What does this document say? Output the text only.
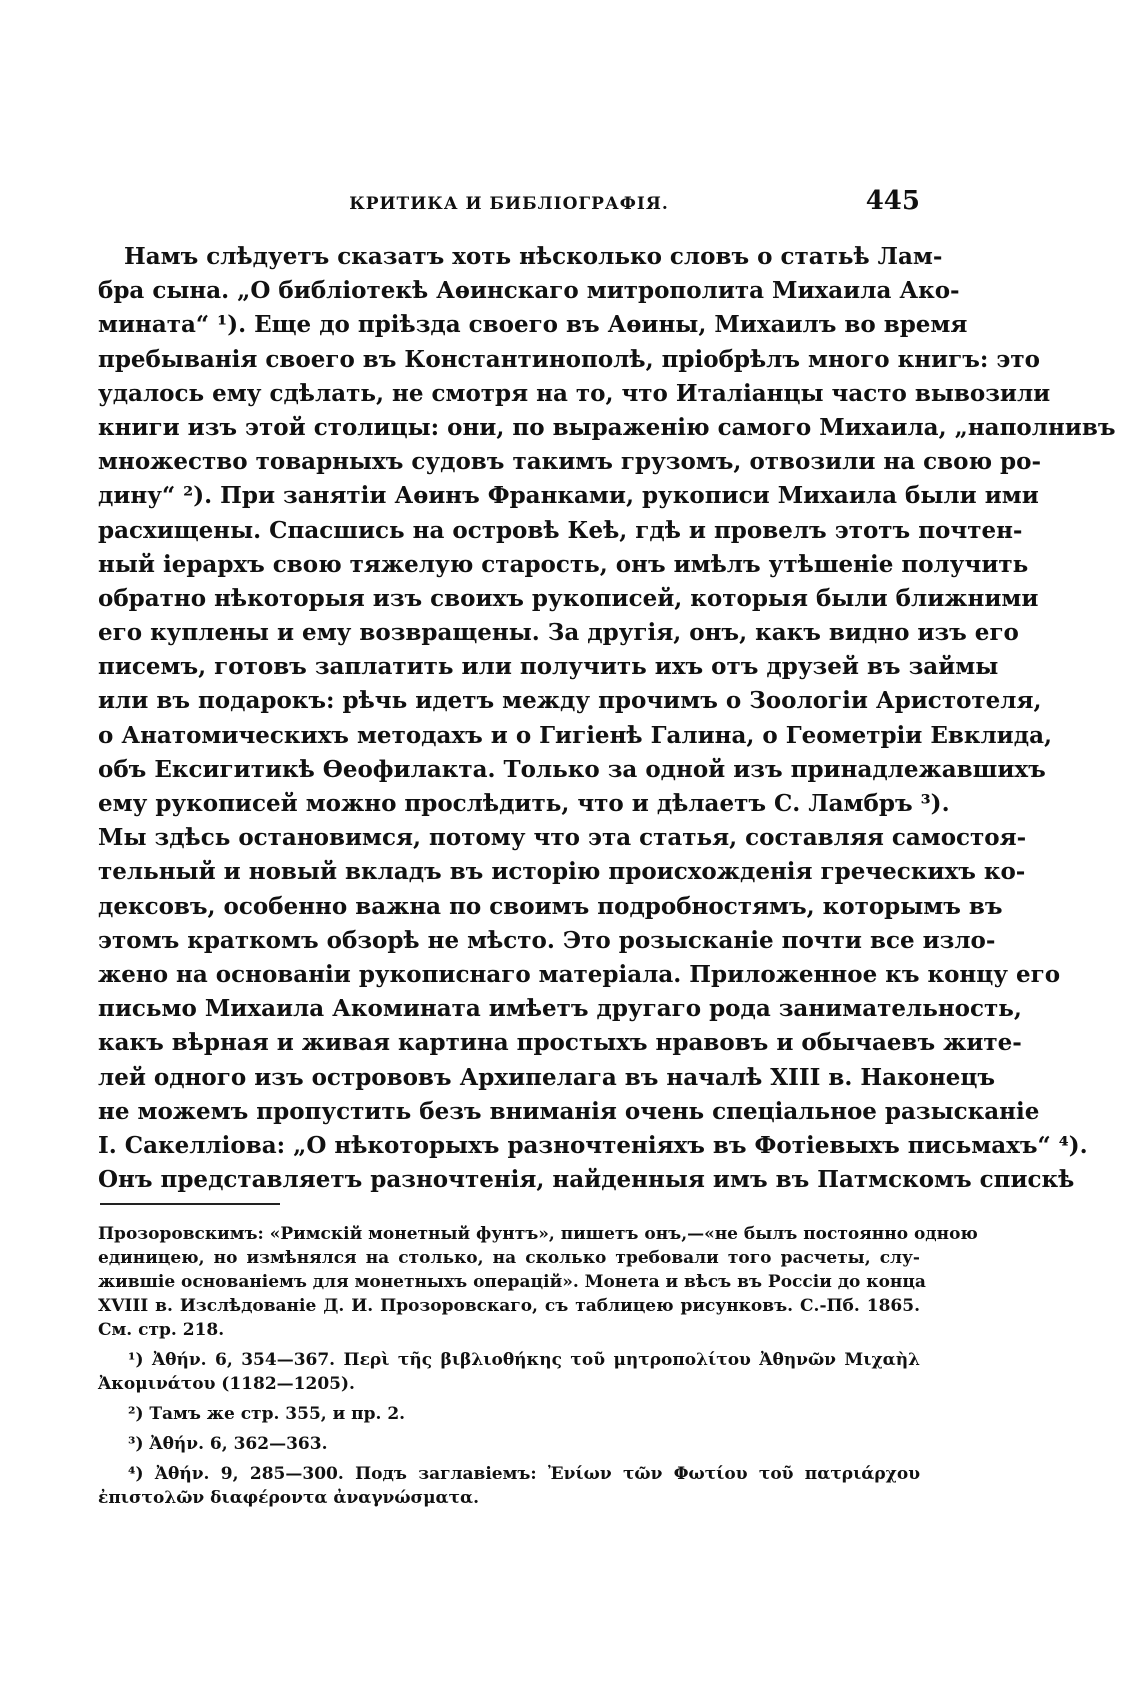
КРИТИКА И БИБЛІОГРАФІЯ.	445
Намъ слѣдуетъ сказатъ хоть нѣсколько словъ о статьѣ Лам-
бра сына. „О библіотекѣ Аѳинскаго митрополита Михаила Ако-
мината“ ¹). Еще до пріѣзда своего въ Аѳины, Михаилъ во время
пребыванія своего въ Константинополѣ, пріобрѣлъ много книгъ: это
удалось ему сдѣлать, не смотря на то, что Италіанцы часто вывозили
книги изъ этой столицы: они, по выраженію самого Михаила, „наполнивъ
множество товарныхъ судовъ такимъ грузомъ, отвозили на свою ро-
дину“ ²). При занятіи Аѳинъ Франками, рукописи Михаила были ими
расхищены. Спасшись на островѣ Кеѣ, гдѣ и провелъ этотъ почтен-
ный іерархъ свою тяжелую старость, онъ имѣлъ утѣшеніе получить
обратно нѣкоторыя изъ своихъ рукописей, которыя были ближними
его куплены и ему возвращены. За другія, онъ, какъ видно изъ его
писемъ, готовъ заплатить или получить ихъ отъ друзей въ займы
или въ подарокъ: рѣчь идетъ между прочимъ о Зоологіи Аристотеля,
о Анатомическихъ методахъ и о Гигіенѣ Галина, о Геометріи Евклида,
объ Ексигитикѣ Ѳеофилакта. Только за одной изъ принадлежавшихъ
ему рукописей можно прослѣдить, что и дѣлаетъ С. Ламбръ ³).
Мы здѣсь остановимся, потому что эта статья, составляя самостоя-
тельный и новый вкладъ въ исторію происхожденія греческихъ ко-
дексовъ, особенно важна по своимъ подробностямъ, которымъ въ
этомъ краткомъ обзорѣ не мѣсто. Это розысканіе почти все изло-
жено на основаніи рукописнаго матеріала. Приложенное къ концу его
письмо Михаила Акомината имѣетъ другаго рода занимательность,
какъ вѣрная и живая картина простыхъ нравовъ и обычаевъ жите-
лей одного изъ острововъ Архипелага въ началѣ XIII в. Наконецъ
не можемъ пропустить безъ вниманія очень спеціальное разысканіе
І. Сакелліова: „О нѣкоторыхъ разночтеніяхъ въ Фотіевыхъ письмахъ“ ⁴).
Онъ представляетъ разночтенія, найденныя имъ въ Патмскомъ спискѣ
Прозоровскимъ: «Римскій монетный фунтъ», пишетъ онъ,—«не былъ постоянно одною
единицею, но измѣнялся на столько, на сколько требовали того расчеты, слу-
жившіе основаніемъ для монетныхъ операцій». Монета и вѣсъ въ Россіи до конца
XVIII в. Изслѣдованіе Д. И. Прозоровскаго, съ таблицею рисунковъ. С.-Пб. 1865.
См. стр. 218.
¹) Ἀθήν. 6, 354—367. Περὶ τῆς βιβλιοθήκης τοῦ μητροπολίτου Ἀθηνῶν Μιχαὴλ
Ἀκομινάτου (1182—1205).
²) Тамъ же стр. 355, и пр. 2.
³) Ἀθήν. 6, 362—363.
⁴) Ἀθήν. 9, 285—300. Подъ заглавіемъ: Ἐνίων τῶν Φωτίου τοῦ πατριάρχου
ἐπιστολῶν διαφέροντα ἀναγνώσματα.
